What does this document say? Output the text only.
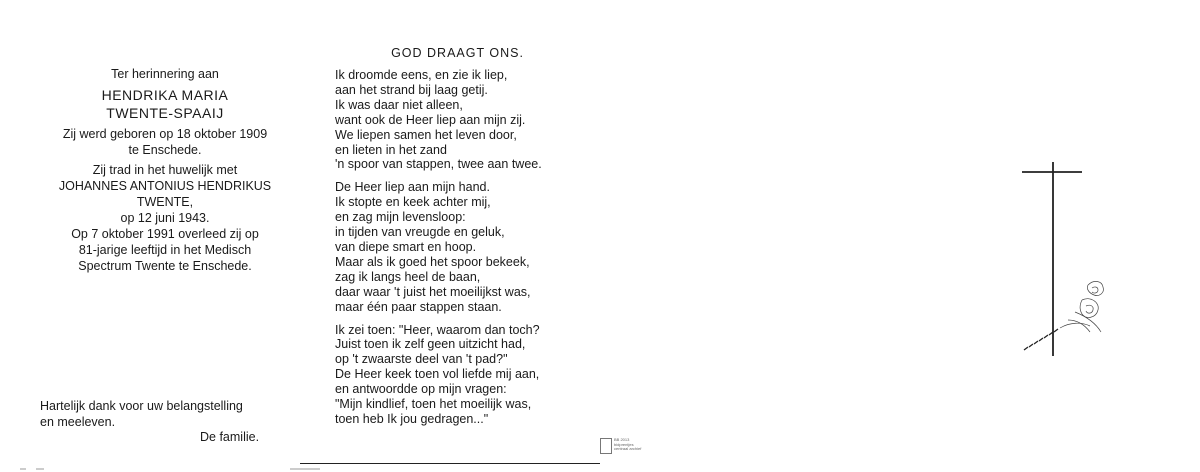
Ter herinnering aan
HENDRIKA MARIA
TWENTE-SPAAIJ
Zij werd geboren op 18 oktober 1909
te Enschede.
Zij trad in het huwelijk met
JOHANNES ANTONIUS HENDRIKUS
TWENTE,
op 12 juni 1943.
Op 7 oktober 1991 overleed zij op
81-jarige leeftijd in het Medisch
Spectrum Twente te Enschede.
Hartelijk dank voor uw belangstelling
en meeleven.
De familie.
GOD DRAAGT ONS.
Ik droomde eens, en zie ik liep,
aan het strand bij laag getij.
Ik was daar niet alleen,
want ook de Heer liep aan mijn zij.
We liepen samen het leven door,
en lieten in het zand
'n spoor van stappen, twee aan twee.
De Heer liep aan mijn hand.
Ik stopte en keek achter mij,
en zag mijn levensloop:
in tijden van vreugde en geluk,
van diepe smart en hoop.
Maar als ik goed het spoor bekeek,
zag ik langs heel de baan,
daar waar 't juist het moeilijkst was,
maar één paar stappen staan.
Ik zei toen: "Heer, waarom dan toch?
Juist toen ik zelf geen uitzicht had,
op 't zwaarste deel van 't pad?"
De Heer keek toen vol liefde mij aan,
en antwoordde op mijn vragen:
"Mijn kindlief, toen het moeilijk was,
toen heb Ik jou gedragen..."
BB 2013
bidprentjes
centraal archief
